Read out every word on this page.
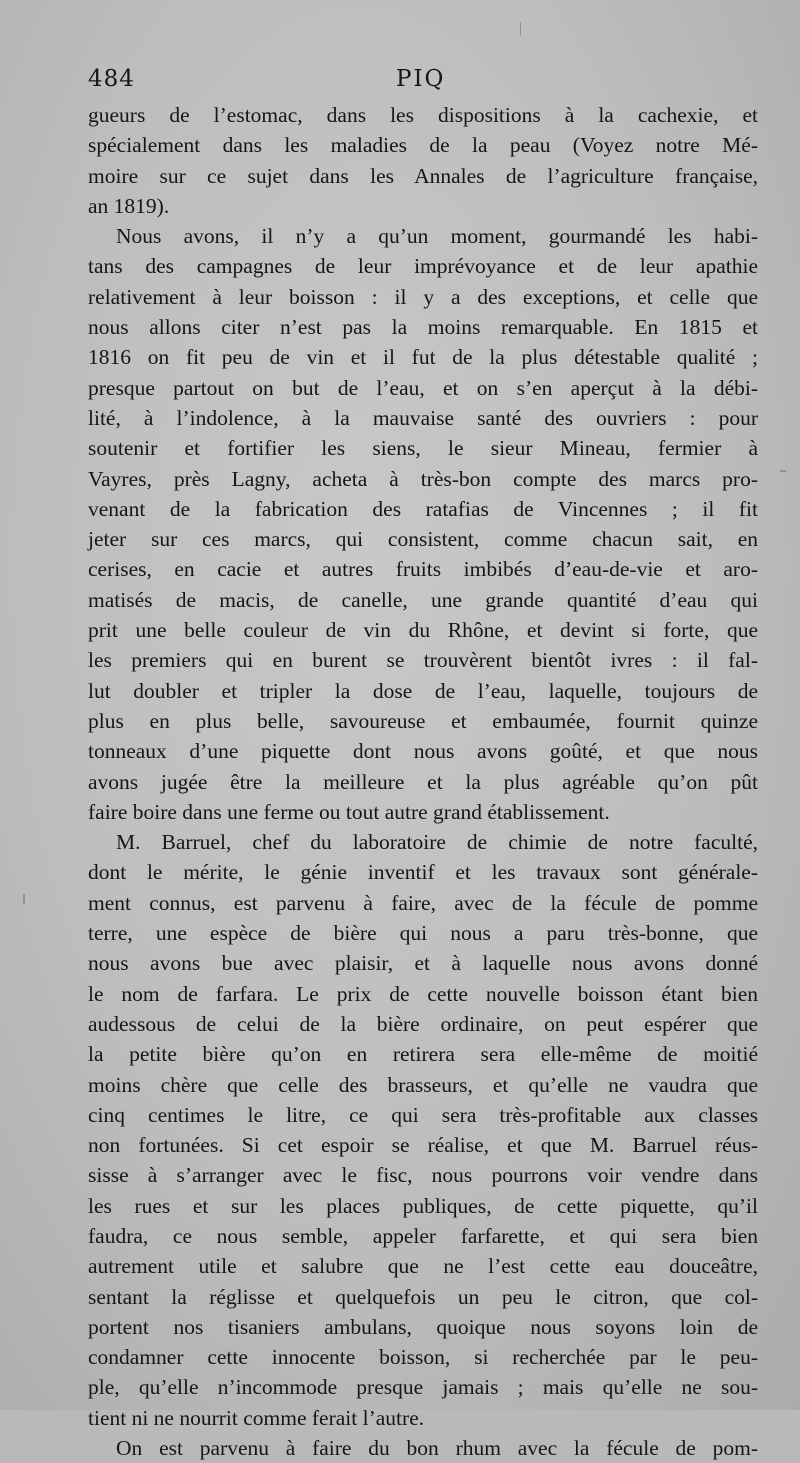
484	PIQ
gueurs de l’estomac, dans les dispositions à la cachexie, et
spécialement dans les maladies de la peau (Voyez notre Mé-
moire sur ce sujet dans les Annales de l’agriculture française,
an 1819).
Nous avons, il n’y a qu’un moment, gourmandé les habi-
tans des campagnes de leur imprévoyance et de leur apathie
relativement à leur boisson : il y a des exceptions, et celle que
nous allons citer n’est pas la moins remarquable. En 1815 et
1816 on fit peu de vin et il fut de la plus détestable qualité ;
presque partout on but de l’eau, et on s’en aperçut à la débi-
lité, à l’indolence, à la mauvaise santé des ouvriers : pour
soutenir et fortifier les siens, le sieur Mineau, fermier à
Vayres, près Lagny, acheta à très-bon compte des marcs pro-
venant de la fabrication des ratafias de Vincennes ; il fit
jeter sur ces marcs, qui consistent, comme chacun sait, en
cerises, en cacie et autres fruits imbibés d’eau-de-vie et aro-
matisés de macis, de canelle, une grande quantité d’eau qui
prit une belle couleur de vin du Rhône, et devint si forte, que
les premiers qui en burent se trouvèrent bientôt ivres : il fal-
lut doubler et tripler la dose de l’eau, laquelle, toujours de
plus en plus belle, savoureuse et embaumée, fournit quinze
tonneaux d’une piquette dont nous avons goûté, et que nous
avons jugée être la meilleure et la plus agréable qu’on pût
faire boire dans une ferme ou tout autre grand établissement.
M. Barruel, chef du laboratoire de chimie de notre faculté,
dont le mérite, le génie inventif et les travaux sont générale-
ment connus, est parvenu à faire, avec de la fécule de pomme
terre, une espèce de bière qui nous a paru très-bonne, que
nous avons bue avec plaisir, et à laquelle nous avons donné
le nom de farfara. Le prix de cette nouvelle boisson étant bien
audessous de celui de la bière ordinaire, on peut espérer que
la petite bière qu’on en retirera sera elle-même de moitié
moins chère que celle des brasseurs, et qu’elle ne vaudra que
cinq centimes le litre, ce qui sera très-profitable aux classes
non fortunées. Si cet espoir se réalise, et que M. Barruel réus-
sisse à s’arranger avec le fisc, nous pourrons voir vendre dans
les rues et sur les places publiques, de cette piquette, qu’il
faudra, ce nous semble, appeler farfarette, et qui sera bien
autrement utile et salubre que ne l’est cette eau douceâtre,
sentant la réglisse et quelquefois un peu le citron, que col-
portent nos tisaniers ambulans, quoique nous soyons loin de
condamner cette innocente boisson, si recherchée par le peu-
ple, qu’elle n’incommode presque jamais ; mais qu’elle ne sou-
tient ni ne nourrit comme ferait l’autre.
On est parvenu à faire du bon rhum avec la fécule de pom-
